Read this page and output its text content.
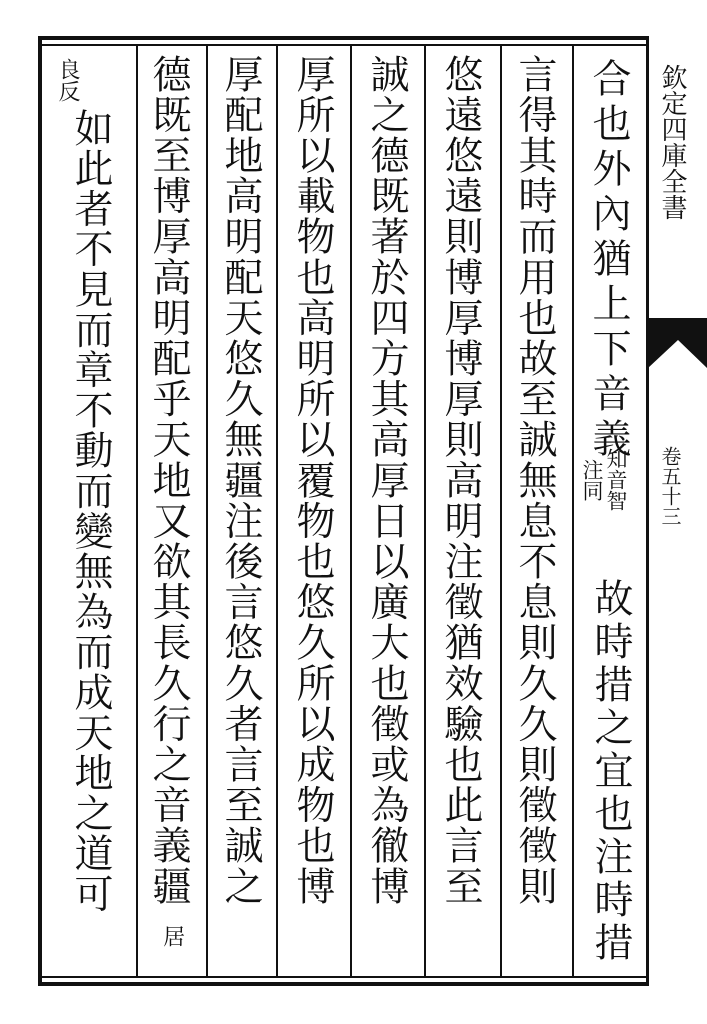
欽定四庫全書
卷五十三
合也外內猶上下音義
知音智
注同
故時措之宜也注時措
言得其時而用也故至誠無息不息則久久則徵徵則
悠遠悠遠則博厚博厚則高明注徵猶效驗也此言至
誠之德既著於四方其高厚日以廣大也徵或為徹博
厚所以載物也高明所以覆物也悠久所以成物也博
厚配地高明配天悠久無疆注後言悠久者言至誠之
德既至博厚高明配乎天地又欲其長久行之音義疆
居
良反
如此者不見而章不動而變無為而成天地之道可
